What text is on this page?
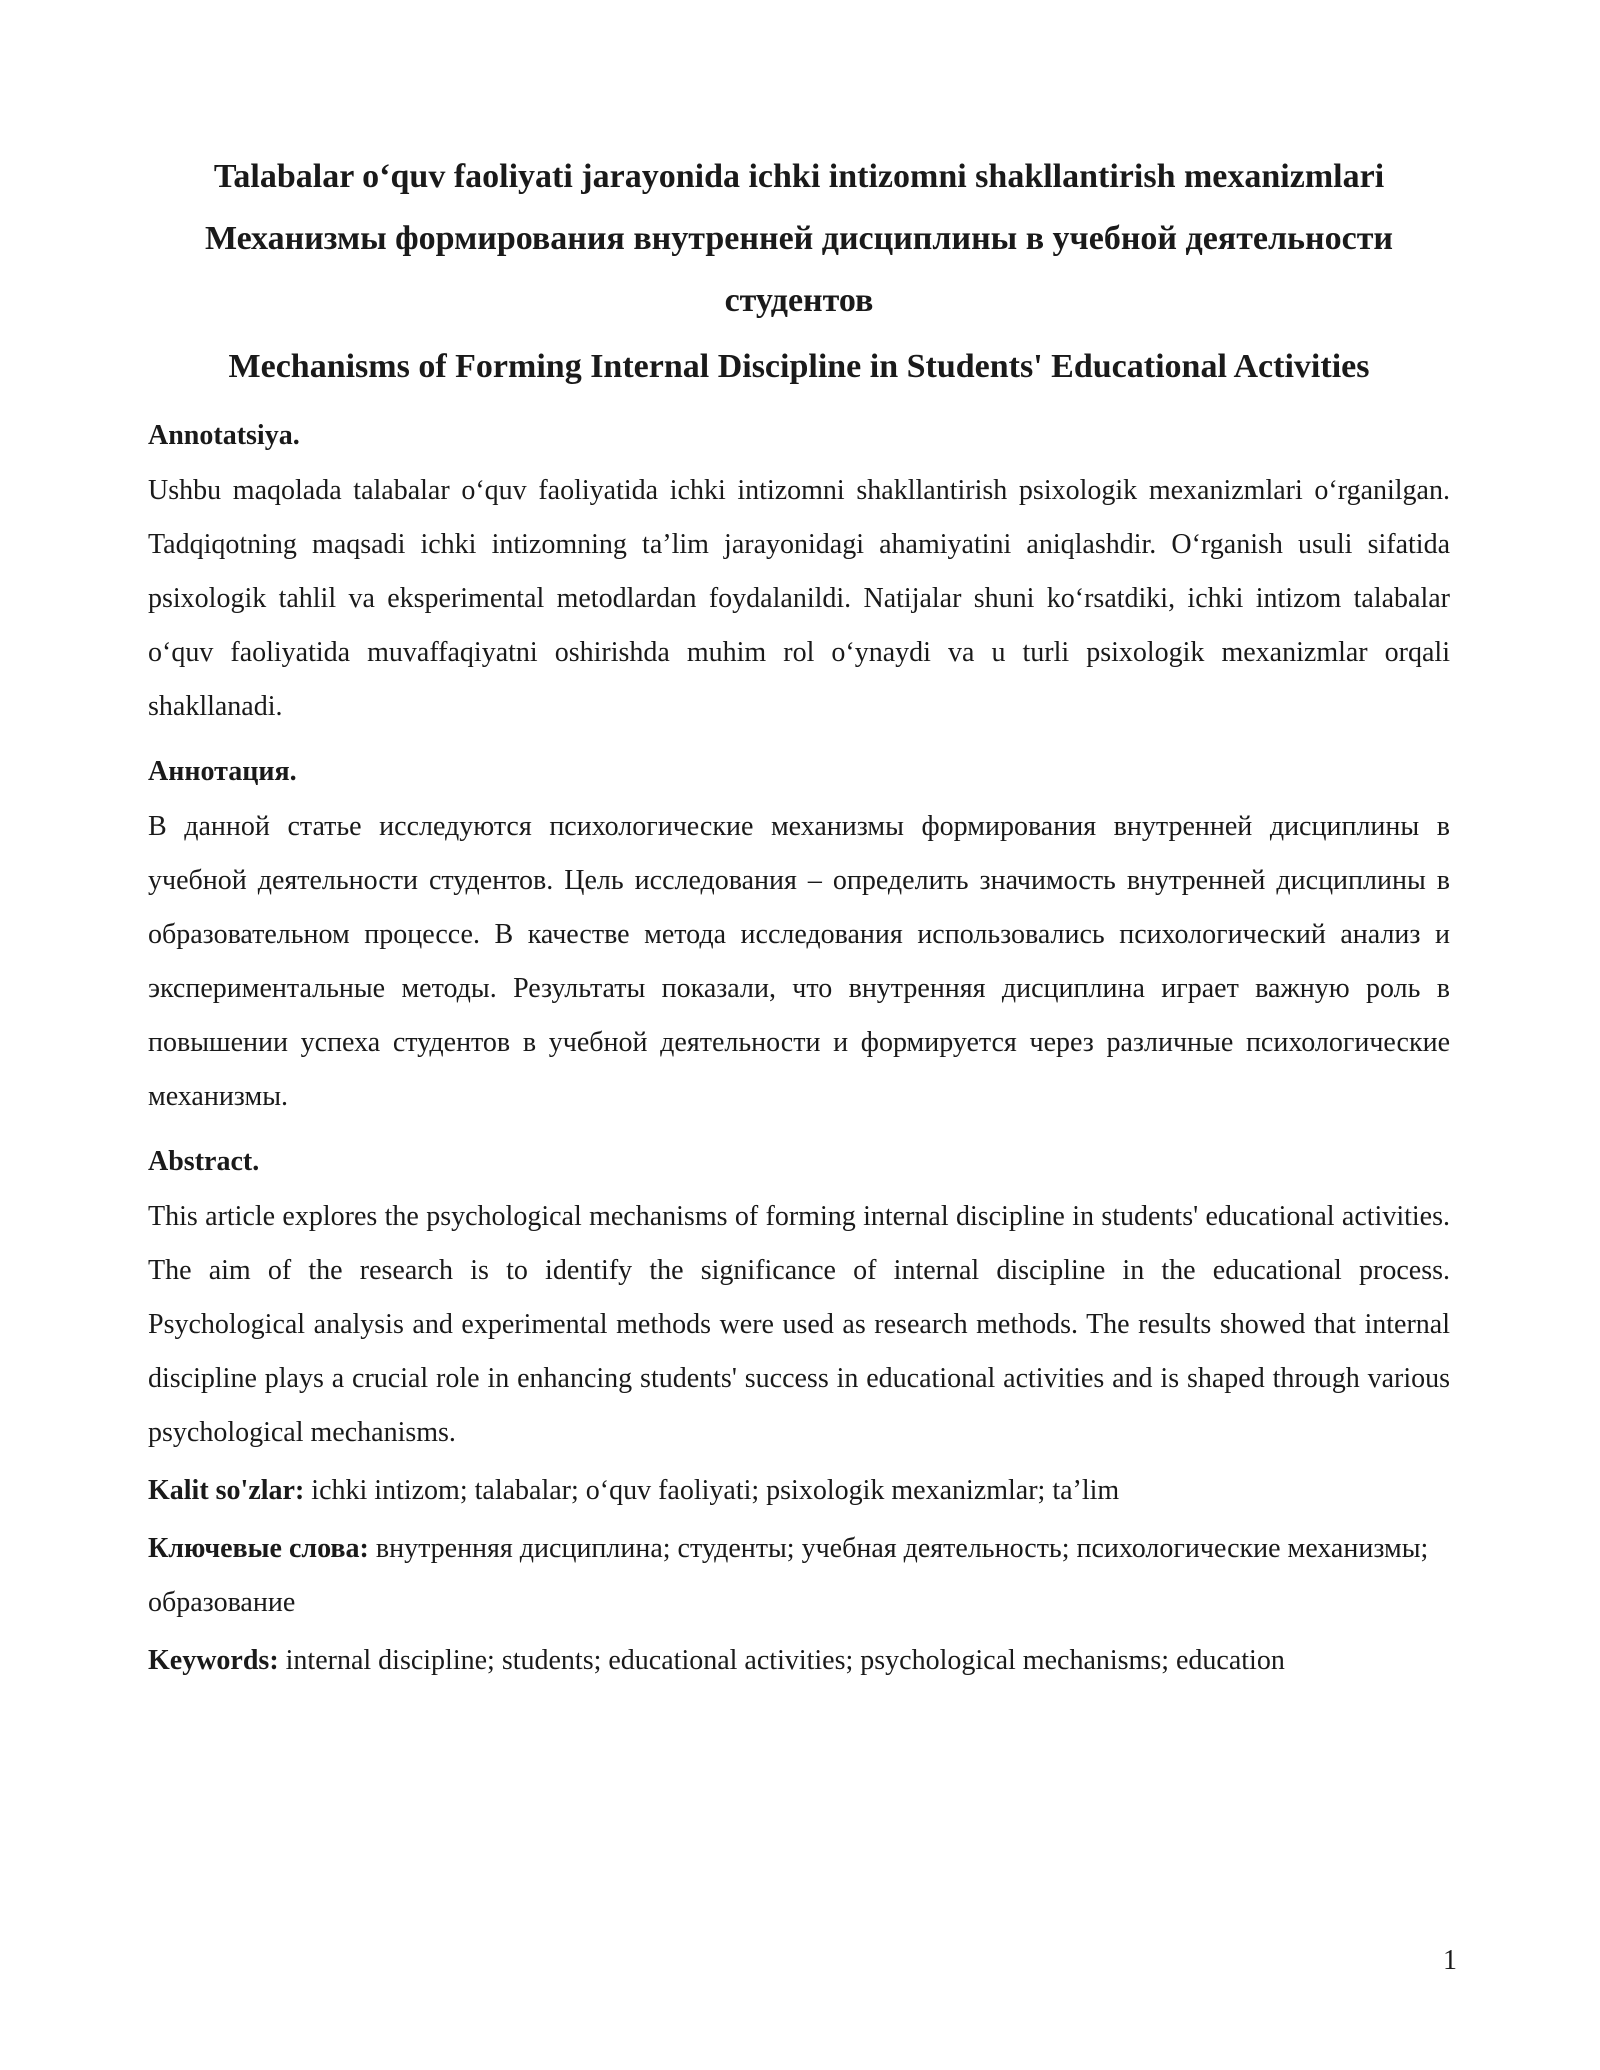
Talabalar o‘quv faoliyati jarayonida ichki intizomni shakllantirish mexanizmlari
Механизмы формирования внутренней дисциплины в учебной деятельности студентов
Mechanisms of Forming Internal Discipline in Students' Educational Activities

Annotatsiya.

Ushbu maqolada talabalar o‘quv faoliyatida ichki intizomni shakllantirish psixologik mexanizmlari o‘rganilgan. Tadqiqotning maqsadi ichki intizomning ta’lim jarayonidagi ahamiyatini aniqlashdir. O‘rganish usuli sifatida psixologik tahlil va eksperimental metodlardan foydalanildi. Natijalar shuni ko‘rsatdiki, ichki intizom talabalar o‘quv faoliyatida muvaffaqiyatni oshirishda muhim rol o‘ynaydi va u turli psixologik mexanizmlar orqali shakllanadi.

Аннотация.

В данной статье исследуются психологические механизмы формирования внутренней дисциплины в учебной деятельности студентов. Цель исследования – определить значимость внутренней дисциплины в образовательном процессе. В качестве метода исследования использовались психологический анализ и экспериментальные методы. Результаты показали, что внутренняя дисциплина играет важную роль в повышении успеха студентов в учебной деятельности и формируется через различные психологические механизмы.

Abstract.

This article explores the psychological mechanisms of forming internal discipline in students' educational activities. The aim of the research is to identify the significance of internal discipline in the educational process. Psychological analysis and experimental methods were used as research methods. The results showed that internal discipline plays a crucial role in enhancing students' success in educational activities and is shaped through various psychological mechanisms.

Kalit so'zlar: ichki intizom; talabalar; o‘quv faoliyati; psixologik mexanizmlar; ta’lim

Ключевые слова: внутренняя дисциплина; студенты; учебная деятельность; психологические механизмы; образование

Keywords: internal discipline; students; educational activities; psychological mechanisms; education

1
